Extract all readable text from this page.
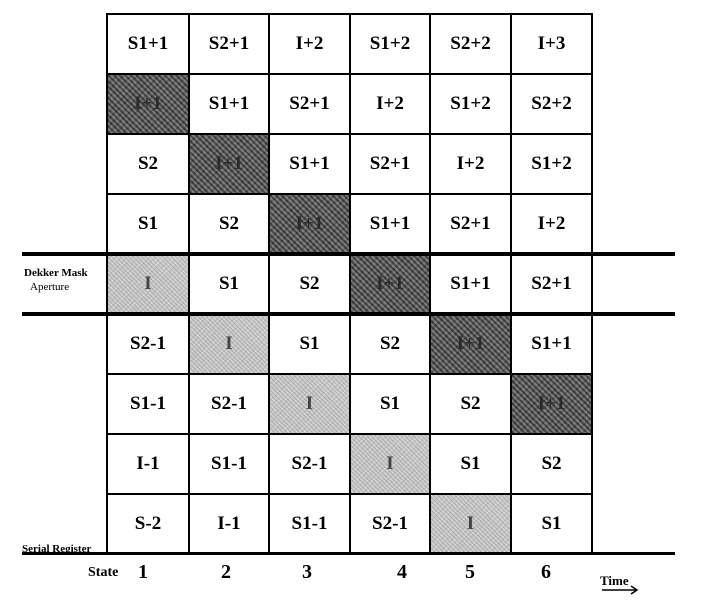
S1+1	S2+1	I+2	S1+2	S2+2	I+3
I+1	S1+1	S2+1	I+2	S1+2	S2+2
S2	I+1	S1+1	S2+1	I+2	S1+2
S1	S2	I+1	S1+1	S2+1	I+2
I	S1	S2	I+1	S1+1	S2+1
S2-1	I	S1	S2	I+1	S1+1
S1-1	S2-1	I	S1	S2	I+1
I-1	S1-1	S2-1	I	S1	S2
S-2	I-1	S1-1	S2-1	I	S1
Dekker Mask
Aperture
Serial Register
State 1	2	3	4	5	6	Time
